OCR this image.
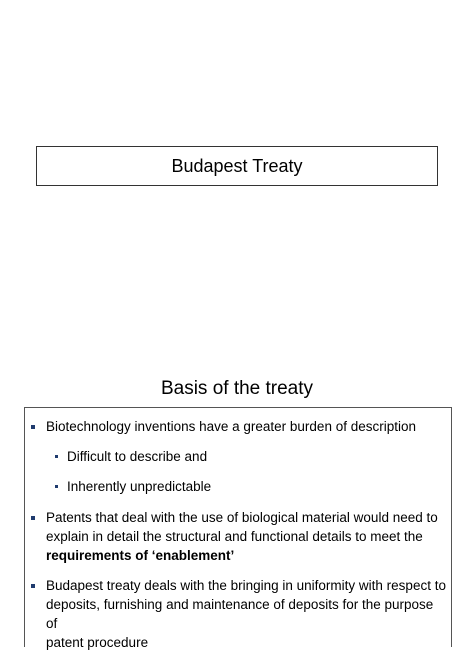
Budapest Treaty
Basis of the treaty
Biotechnology inventions have a greater burden of description
Difficult to describe and
Inherently unpredictable
Patents that deal with the use of biological material would need to
explain in detail the structural and functional details to meet the
requirements of ‘enablement’
Budapest treaty deals with the bringing in uniformity with respect to
deposits, furnishing and maintenance of deposits for the purpose of
patent procedure
